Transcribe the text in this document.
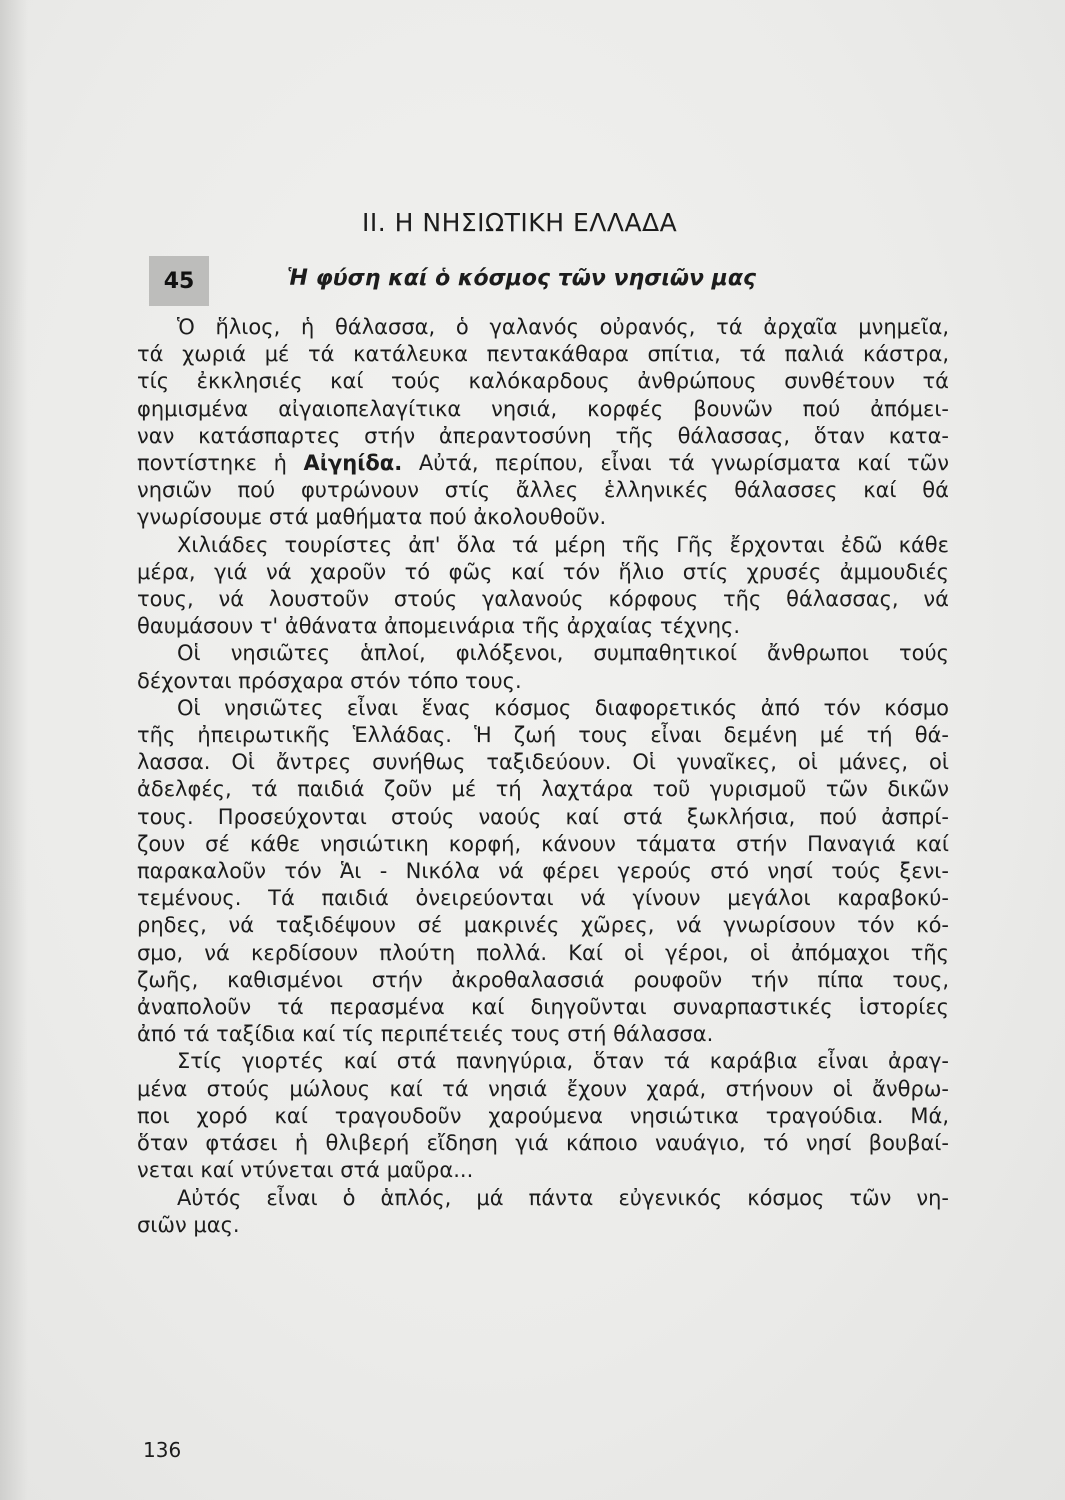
II. Η ΝΗΣΙΩΤΙΚΗ ΕΛΛΑΔΑ
45	Ἡ φύση καί ὁ κόσμος τῶν νησιῶν μας
Ὁ ἥλιος, ἡ θάλασσα, ὁ γαλανός οὐρανός, τά ἀρχαῖα μνημεῖα,
τά χωριά μέ τά κατάλευκα πεντακάθαρα σπίτια, τά παλιά κάστρα,
τίς ἐκκλησιές καί τούς καλόκαρδους ἀνθρώπους συνθέτουν τά
φημισμένα αἰγαιοπελαγίτικα νησιά, κορφές βουνῶν πού ἀπόμει-
ναν κατάσπαρτες στήν ἀπεραντοσύνη τῆς θάλασσας, ὅταν κατα-
ποντίστηκε ἡ Αἰγηίδα. Αὐτά, περίπου, εἶναι τά γνωρίσματα καί τῶν
νησιῶν πού φυτρώνουν στίς ἄλλες ἑλληνικές θάλασσες καί θά
γνωρίσουμε στά μαθήματα πού ἀκολουθοῦν.
Χιλιάδες τουρίστες ἀπ' ὅλα τά μέρη τῆς Γῆς ἔρχονται ἐδῶ κάθε
μέρα, γιά νά χαροῦν τό φῶς καί τόν ἥλιο στίς χρυσές ἀμμουδιές
τους, νά λουστοῦν στούς γαλανούς κόρφους τῆς θάλασσας, νά
θαυμάσουν τ' ἀθάνατα ἀπομεινάρια τῆς ἀρχαίας τέχνης.
Οἱ νησιῶτες ἁπλοί, φιλόξενοι, συμπαθητικοί ἄνθρωποι τούς
δέχονται πρόσχαρα στόν τόπο τους.
Οἱ νησιῶτες εἶναι ἕνας κόσμος διαφορετικός ἀπό τόν κόσμο
τῆς ἠπειρωτικῆς Ἑλλάδας. Ἡ ζωή τους εἶναι δεμένη μέ τή θά-
λασσα. Οἱ ἄντρες συνήθως ταξιδεύουν. Οἱ γυναῖκες, οἱ μάνες, οἱ
ἀδελφές, τά παιδιά ζοῦν μέ τή λαχτάρα τοῦ γυρισμοῦ τῶν δικῶν
τους. Προσεύχονται στούς ναούς καί στά ξωκλήσια, πού ἀσπρί-
ζουν σέ κάθε νησιώτικη κορφή, κάνουν τάματα στήν Παναγιά καί
παρακαλοῦν τόν Ἁι - Νικόλα νά φέρει γερούς στό νησί τούς ξενι-
τεμένους. Τά παιδιά ὀνειρεύονται νά γίνουν μεγάλοι καραβοκύ-
ρηδες, νά ταξιδέψουν σέ μακρινές χῶρες, νά γνωρίσουν τόν κό-
σμο, νά κερδίσουν πλούτη πολλά. Καί οἱ γέροι, οἱ ἀπόμαχοι τῆς
ζωῆς, καθισμένοι στήν ἀκροθαλασσιά ρουφοῦν τήν πίπα τους,
ἀναπολοῦν τά περασμένα καί διηγοῦνται συναρπαστικές ἱστορίες
ἀπό τά ταξίδια καί τίς περιπέτειές τους στή θάλασσα.
Στίς γιορτές καί στά πανηγύρια, ὅταν τά καράβια εἶναι ἀραγ-
μένα στούς μώλους καί τά νησιά ἔχουν χαρά, στήνουν οἱ ἄνθρω-
ποι χορό καί τραγουδοῦν χαρούμενα νησιώτικα τραγούδια. Μά,
ὅταν φτάσει ἡ θλιβερή εἴδηση γιά κάποιο ναυάγιο, τό νησί βουβαί-
νεται καί ντύνεται στά μαῦρα...
Αὐτός εἶναι ὁ ἁπλός, μά πάντα εὐγενικός κόσμος τῶν νη-
σιῶν μας.
136
